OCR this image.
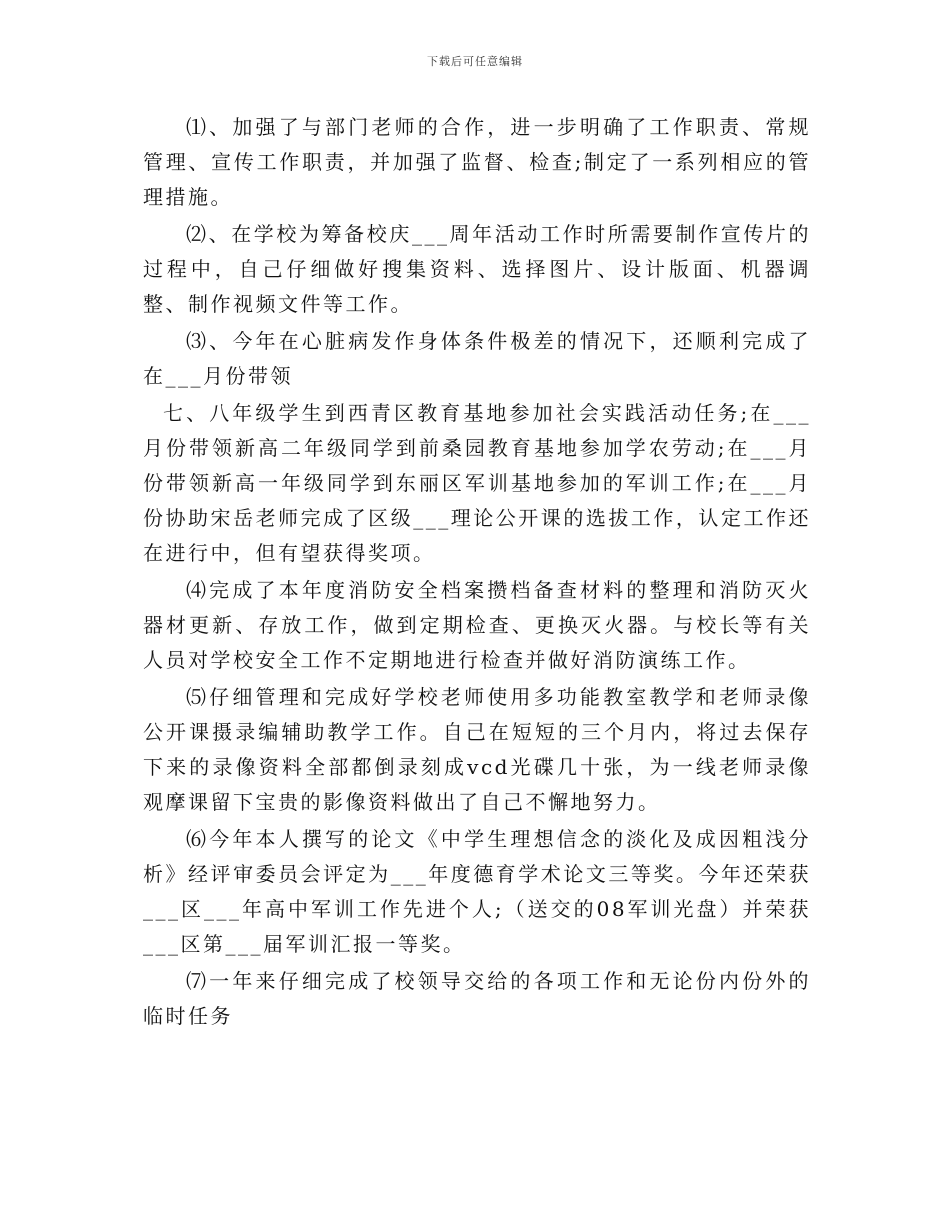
下载后可任意编辑

⑴、加强了与部门老师的合作，进一步明确了工作职责、常规管理、宣传工作职责，并加强了监督、检查;制定了一系列相应的管理措施。

⑵、在学校为筹备校庆___周年活动工作时所需要制作宣传片的过程中，自己仔细做好搜集资料、选择图片、设计版面、机器调整、制作视频文件等工作。

⑶、今年在心脏病发作身体条件极差的情况下，还顺利完成了在___月份带领

七、八年级学生到西青区教育基地参加社会实践活动任务;在___月份带领新高二年级同学到前桑园教育基地参加学农劳动;在___月份带领新高一年级同学到东丽区军训基地参加的军训工作;在___月份协助宋岳老师完成了区级___理论公开课的选拔工作，认定工作还在进行中，但有望获得奖项。

⑷完成了本年度消防安全档案攒档备查材料的整理和消防灭火器材更新、存放工作，做到定期检查、更换灭火器。与校长等有关人员对学校安全工作不定期地进行检查并做好消防演练工作。

⑸仔细管理和完成好学校老师使用多功能教室教学和老师录像公开课摄录编辅助教学工作。自己在短短的三个月内，将过去保存下来的录像资料全部都倒录刻成vcd光碟几十张，为一线老师录像观摩课留下宝贵的影像资料做出了自己不懈地努力。

⑹今年本人撰写的论文《中学生理想信念的淡化及成因粗浅分析》经评审委员会评定为___年度德育学术论文三等奖。今年还荣获___区___年高中军训工作先进个人;（送交的08军训光盘）并荣获___区第___届军训汇报一等奖。

⑺一年来仔细完成了校领导交给的各项工作和无论份内份外的临时任务
